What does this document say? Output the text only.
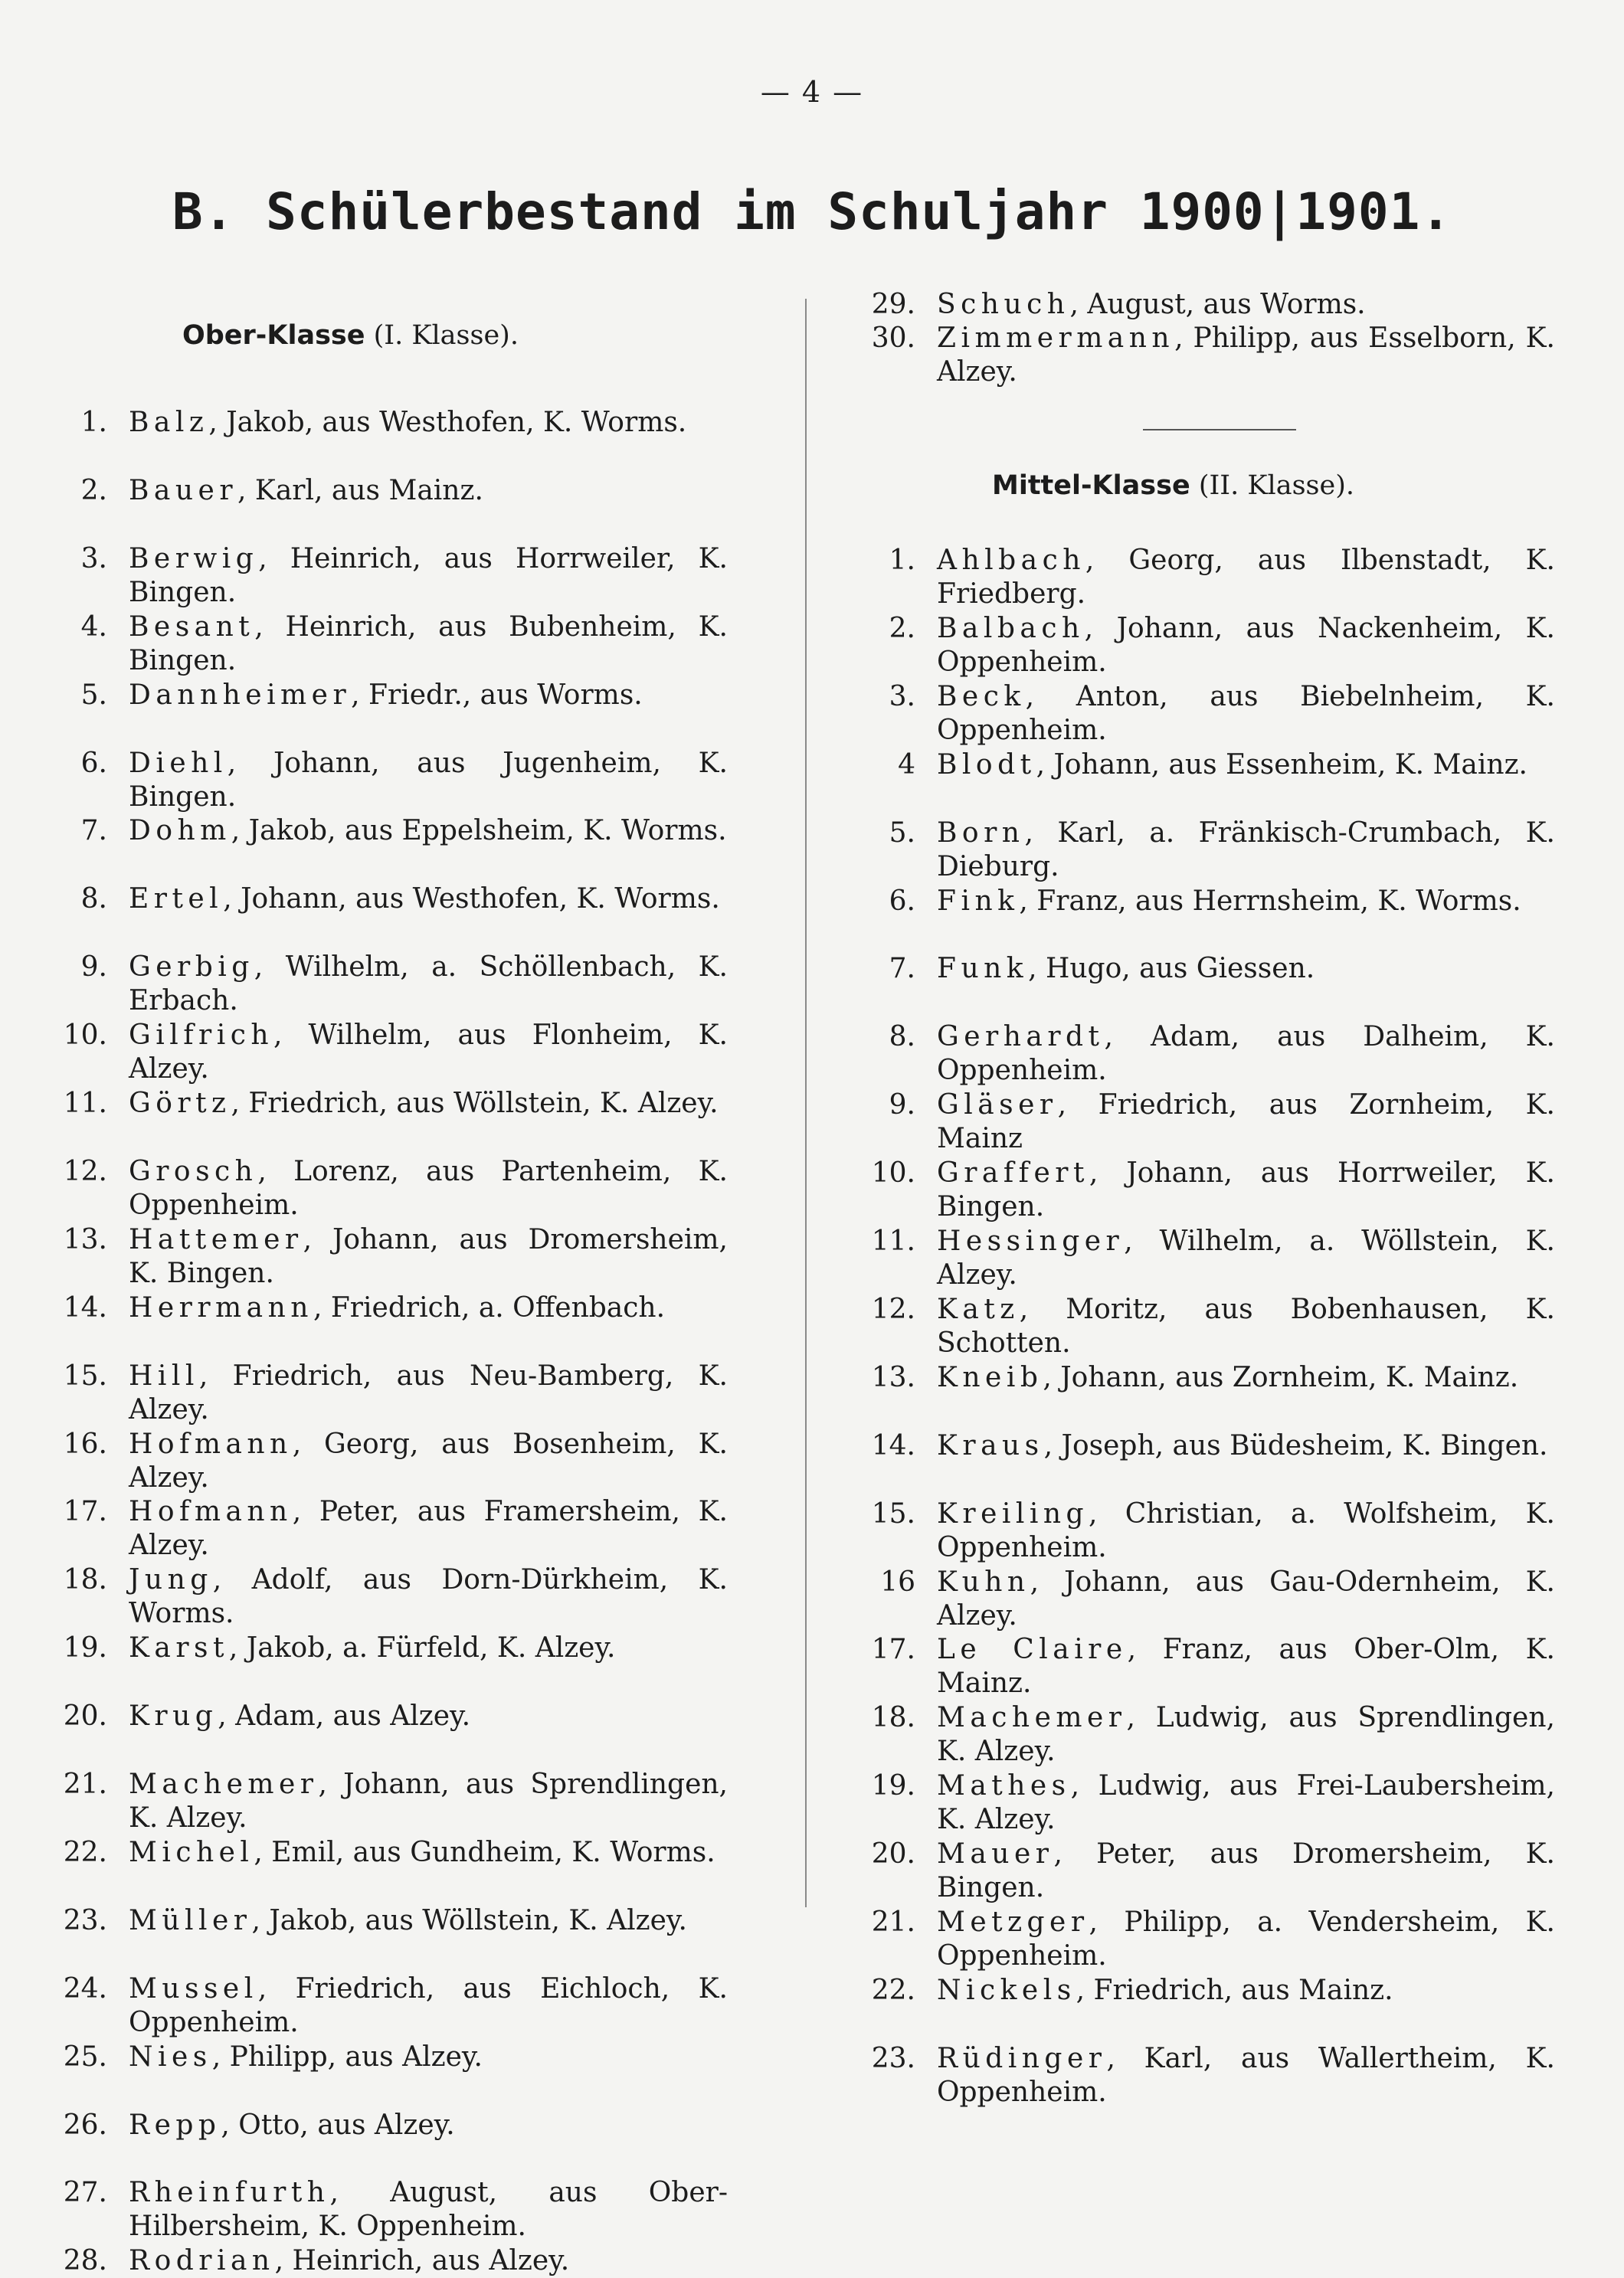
— 4 —
B. Schülerbestand im Schuljahr 1900|1901.
Ober-Klasse (I. Klasse).
1. Balz, Jakob, aus Westhofen, K. Worms.
2. Bauer, Karl, aus Mainz.
3. Berwig, Heinrich, aus Horrweiler, K. Bingen.
4. Besant, Heinrich, aus Bubenheim, K. Bingen.
5. Dannheimer, Friedr., aus Worms.
6. Diehl, Johann, aus Jugenheim, K. Bingen.
7. Dohm, Jakob, aus Eppelsheim, K. Worms.
8. Ertel, Johann, aus Westhofen, K. Worms.
9. Gerbig, Wilhelm, a. Schöllenbach, K. Erbach.
10. Gilfrich, Wilhelm, aus Flonheim, K. Alzey.
11. Görtz, Friedrich, aus Wöllstein, K. Alzey.
12. Grosch, Lorenz, aus Partenheim, K. Oppenheim.
13. Hattemer, Johann, aus Dromersheim, K. Bingen.
14. Herrmann, Friedrich, a. Offenbach.
15. Hill, Friedrich, aus Neu-Bamberg, K. Alzey.
16. Hofmann, Georg, aus Bosenheim, K. Alzey.
17. Hofmann, Peter, aus Framersheim, K. Alzey.
18. Jung, Adolf, aus Dorn-Dürkheim, K. Worms.
19. Karst, Jakob, a. Fürfeld, K. Alzey.
20. Krug, Adam, aus Alzey.
21. Machemer, Johann, aus Sprendlingen, K. Alzey.
22. Michel, Emil, aus Gundheim, K. Worms.
23. Müller, Jakob, aus Wöllstein, K. Alzey.
24. Mussel, Friedrich, aus Eichloch, K. Oppenheim.
25. Nies, Philipp, aus Alzey.
26. Repp, Otto, aus Alzey.
27. Rheinfurth, August, aus Ober-Hilbersheim, K. Oppenheim.
28. Rodrian, Heinrich, aus Alzey.
29. Schuch, August, aus Worms.
30. Zimmermann, Philipp, aus Esselborn, K. Alzey.
Mittel-Klasse (II. Klasse).
1. Ahlbach, Georg, aus Ilbenstadt, K. Friedberg.
2. Balbach, Johann, aus Nackenheim, K. Oppenheim.
3. Beck, Anton, aus Biebelnheim, K. Oppenheim.
4 Blodt, Johann, aus Essenheim, K. Mainz.
5. Born, Karl, a. Fränkisch-Crumbach, K. Dieburg.
6. Fink, Franz, aus Herrnsheim, K. Worms.
7. Funk, Hugo, aus Giessen.
8. Gerhardt, Adam, aus Dalheim, K. Oppenheim.
9. Gläser, Friedrich, aus Zornheim, K. Mainz
10. Graffert, Johann, aus Horrweiler, K. Bingen.
11. Hessinger, Wilhelm, a. Wöllstein, K. Alzey.
12. Katz, Moritz, aus Bobenhausen, K. Schotten.
13. Kneib, Johann, aus Zornheim, K. Mainz.
14. Kraus, Joseph, aus Büdesheim, K. Bingen.
15. Kreiling, Christian, a. Wolfsheim, K. Oppenheim.
16 Kuhn, Johann, aus Gau-Odernheim, K. Alzey.
17. Le Claire, Franz, aus Ober-Olm, K. Mainz.
18. Machemer, Ludwig, aus Sprendlingen, K. Alzey.
19. Mathes, Ludwig, aus Frei-Laubersheim, K. Alzey.
20. Mauer, Peter, aus Dromersheim, K. Bingen.
21. Metzger, Philipp, a. Vendersheim, K. Oppenheim.
22. Nickels, Friedrich, aus Mainz.
23. Rüdinger, Karl, aus Wallertheim, K. Oppenheim.
